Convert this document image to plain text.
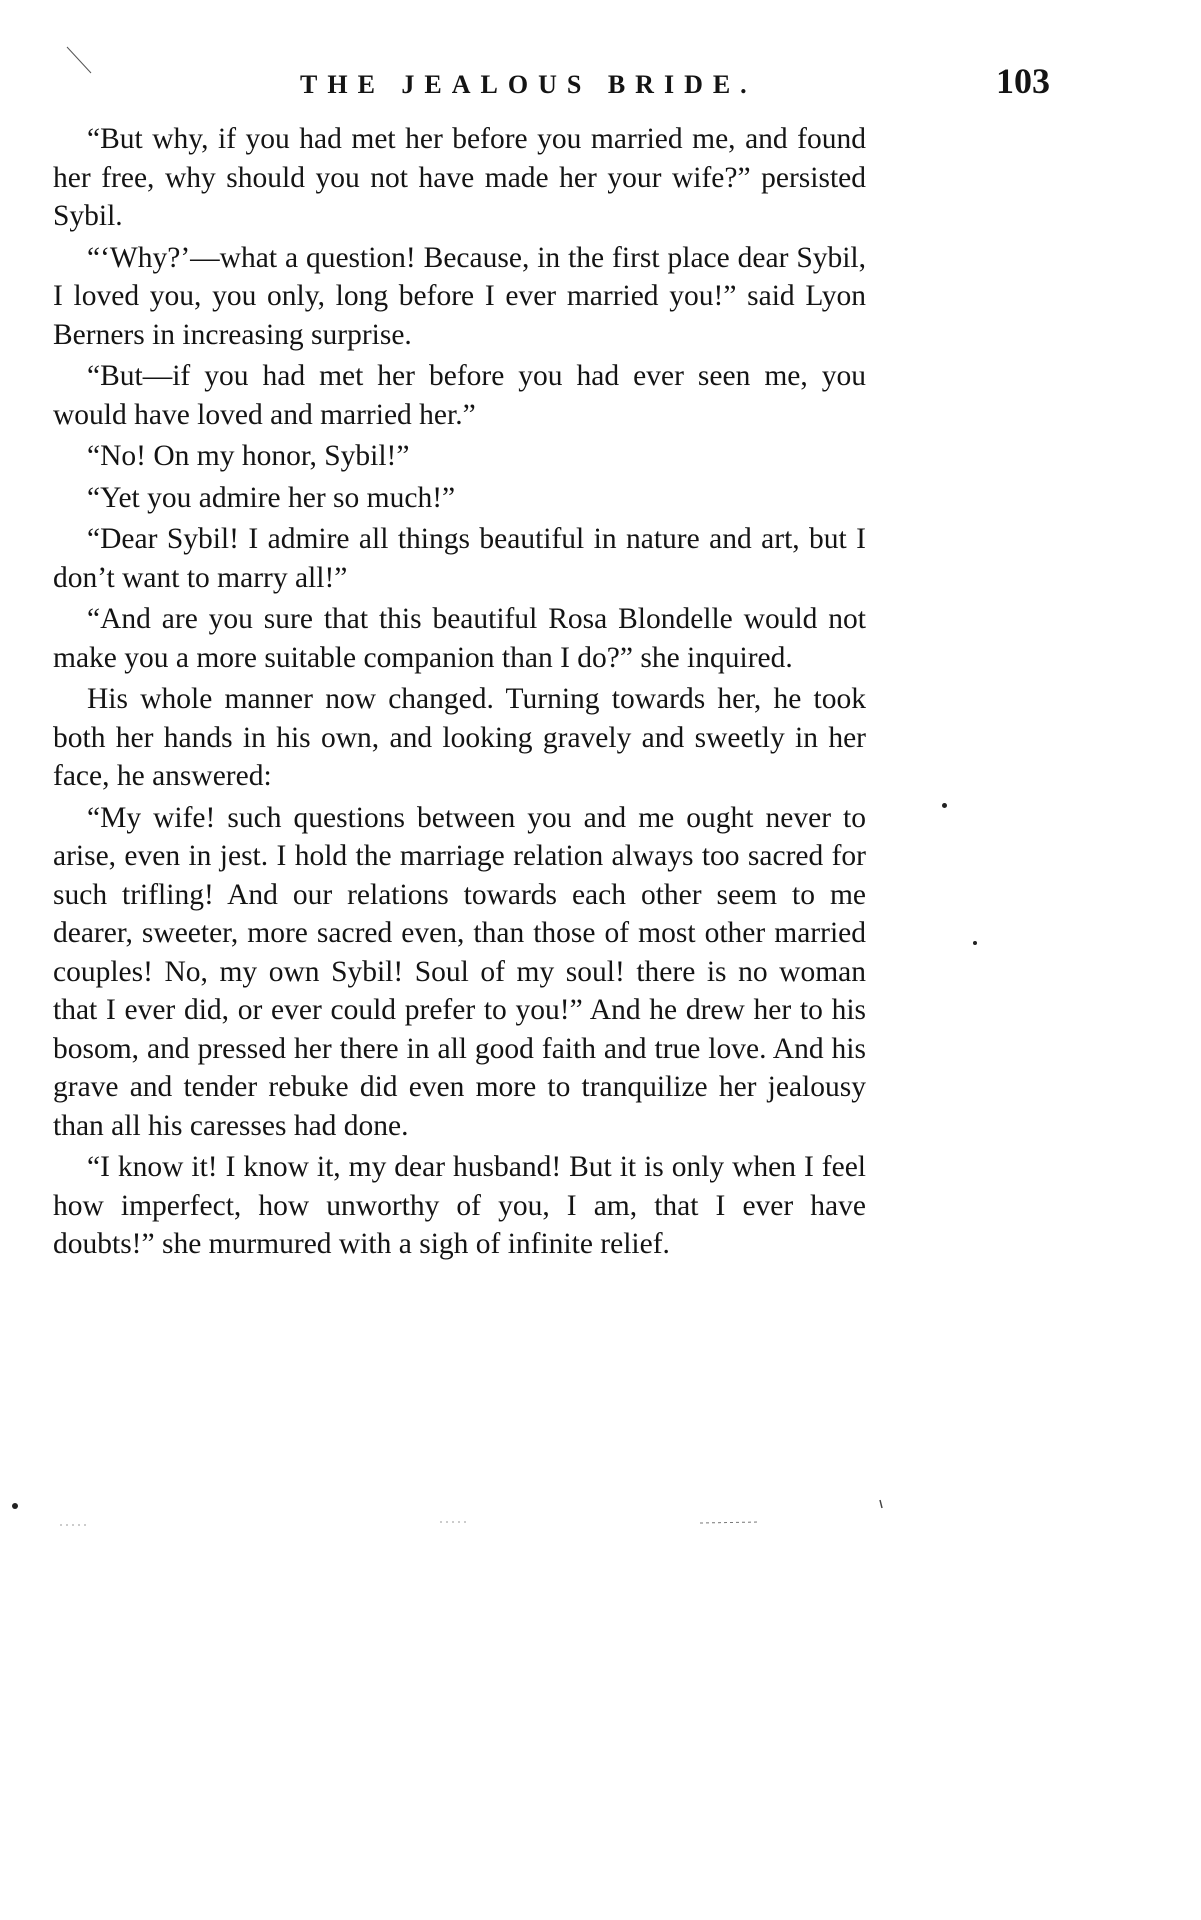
THE JEALOUS BRIDE.	103

“But why, if you had met her before you married me, and found her free, why should you not have made her your wife?” persisted Sybil.

“‘Why?’—what a question! Because, in the first place dear Sybil, I loved you, you only, long before I ever married you!” said Lyon Berners in increasing surprise.

“But—if you had met her before you had ever seen me, you would have loved and married her.”

“No! On my honor, Sybil!”

“Yet you admire her so much!”

“Dear Sybil! I admire all things beautiful in nature and art, but I don’t want to marry all!”

“And are you sure that this beautiful Rosa Blondelle would not make you a more suitable companion than I do?” she inquired.

His whole manner now changed. Turning towards her, he took both her hands in his own, and looking gravely and sweetly in her face, he answered:

“My wife! such questions between you and me ought never to arise, even in jest. I hold the marriage relation always too sacred for such trifling! And our relations towards each other seem to me dearer, sweeter, more sacred even, than those of most other married couples! No, my own Sybil! Soul of my soul! there is no woman that I ever did, or ever could prefer to you!” And he drew her to his bosom, and pressed her there in all good faith and true love. And his grave and tender rebuke did even more to tranquilize her jealousy than all his caresses had done.

“I know it! I know it, my dear husband! But it is only when I feel how imperfect, how unworthy of you, I am, that I ever have doubts!” she murmured with a sigh of infinite relief.
